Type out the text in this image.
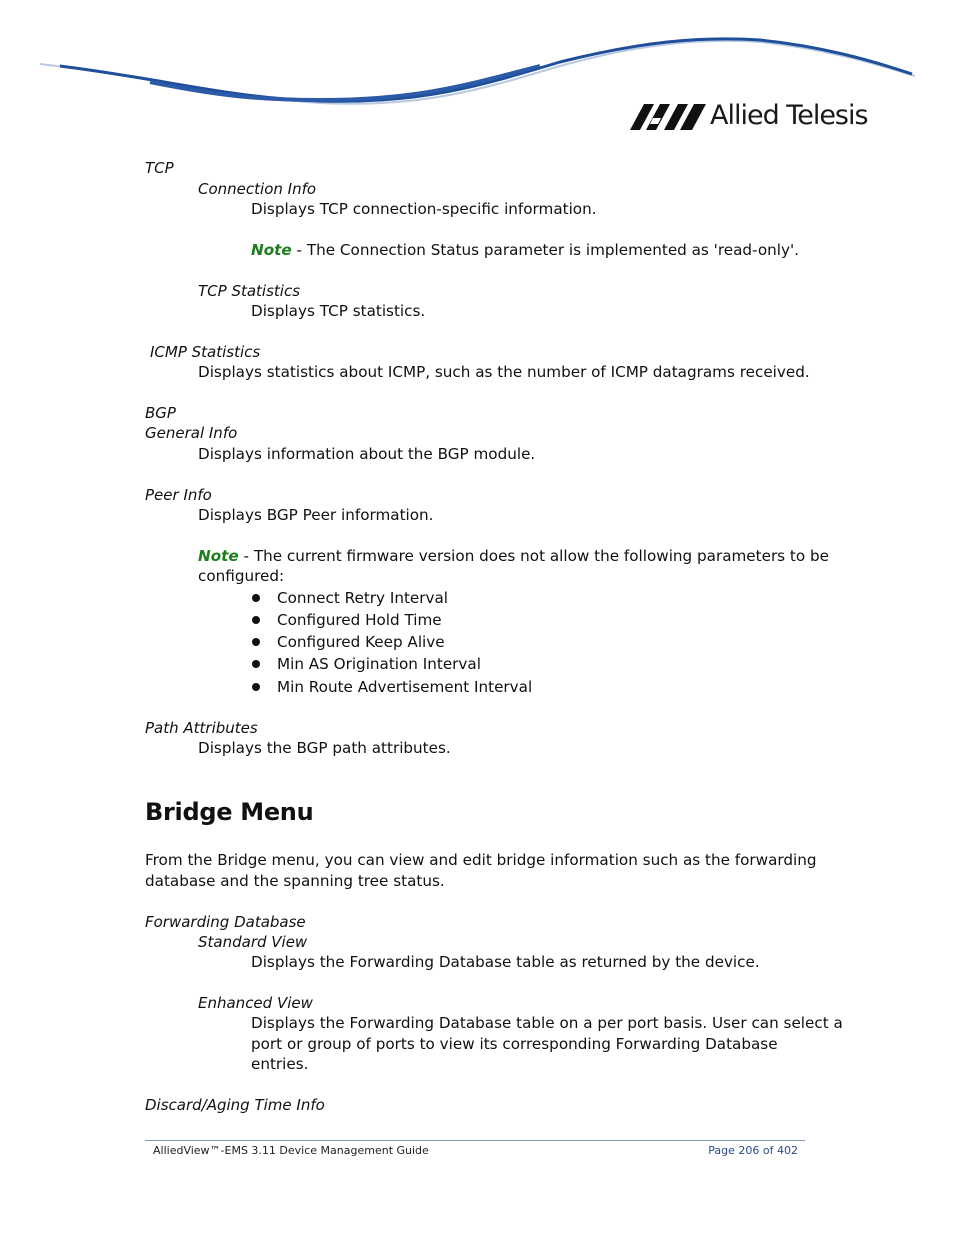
Allied Telesis
TCP
Connection Info
Displays TCP connection-specific information.
Note - The Connection Status parameter is implemented as 'read-only'.
TCP Statistics
Displays TCP statistics.
ICMP Statistics
Displays statistics about ICMP, such as the number of ICMP datagrams received.
BGP
General Info
Displays information about the BGP module.
Peer Info
Displays BGP Peer information.
Note - The current firmware version does not allow the following parameters to be
configured:
Connect Retry Interval
Configured Hold Time
Configured Keep Alive
Min AS Origination Interval
Min Route Advertisement Interval
Path Attributes
Displays the BGP path attributes.
Bridge Menu
From the Bridge menu, you can view and edit bridge information such as the forwarding
database and the spanning tree status.
Forwarding Database
Standard View
Displays the Forwarding Database table as returned by the device.
Enhanced View
Displays the Forwarding Database table on a per port basis. User can select a
port or group of ports to view its corresponding Forwarding Database
entries.
Discard/Aging Time Info
AlliedView™-EMS 3.11 Device Management Guide	Page 206 of 402
